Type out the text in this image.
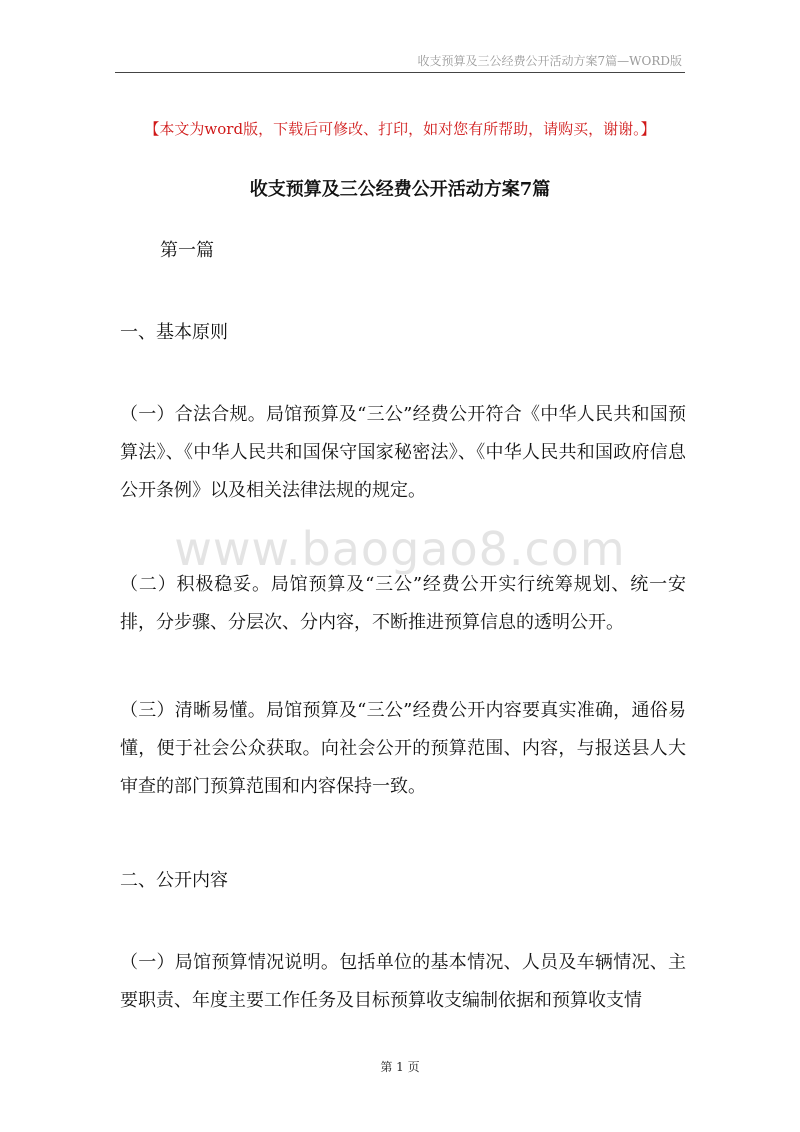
收支预算及三公经费公开活动方案7篇—WORD版
【本文为word版，下载后可修改、打印，如对您有所帮助，请购买，谢谢。】
收支预算及三公经费公开活动方案7篇

第一篇

一、基本原则

（一）合法合规。局馆预算及“三公”经费公开符合《中华人民共和国预算法》、《中华人民共和国保守国家秘密法》、《中华人民共和国政府信息公开条例》以及相关法律法规的规定。

www.baogao8.com

（二）积极稳妥。局馆预算及“三公”经费公开实行统筹规划、统一安排，分步骤、分层次、分内容，不断推进预算信息的透明公开。

（三）清晰易懂。局馆预算及“三公”经费公开内容要真实准确，通俗易懂，便于社会公众获取。向社会公开的预算范围、内容，与报送县人大审查的部门预算范围和内容保持一致。

二、公开内容

（一）局馆预算情况说明。包括单位的基本情况、人员及车辆情况、主要职责、年度主要工作任务及目标预算收支编制依据和预算收支情

第 1 页
